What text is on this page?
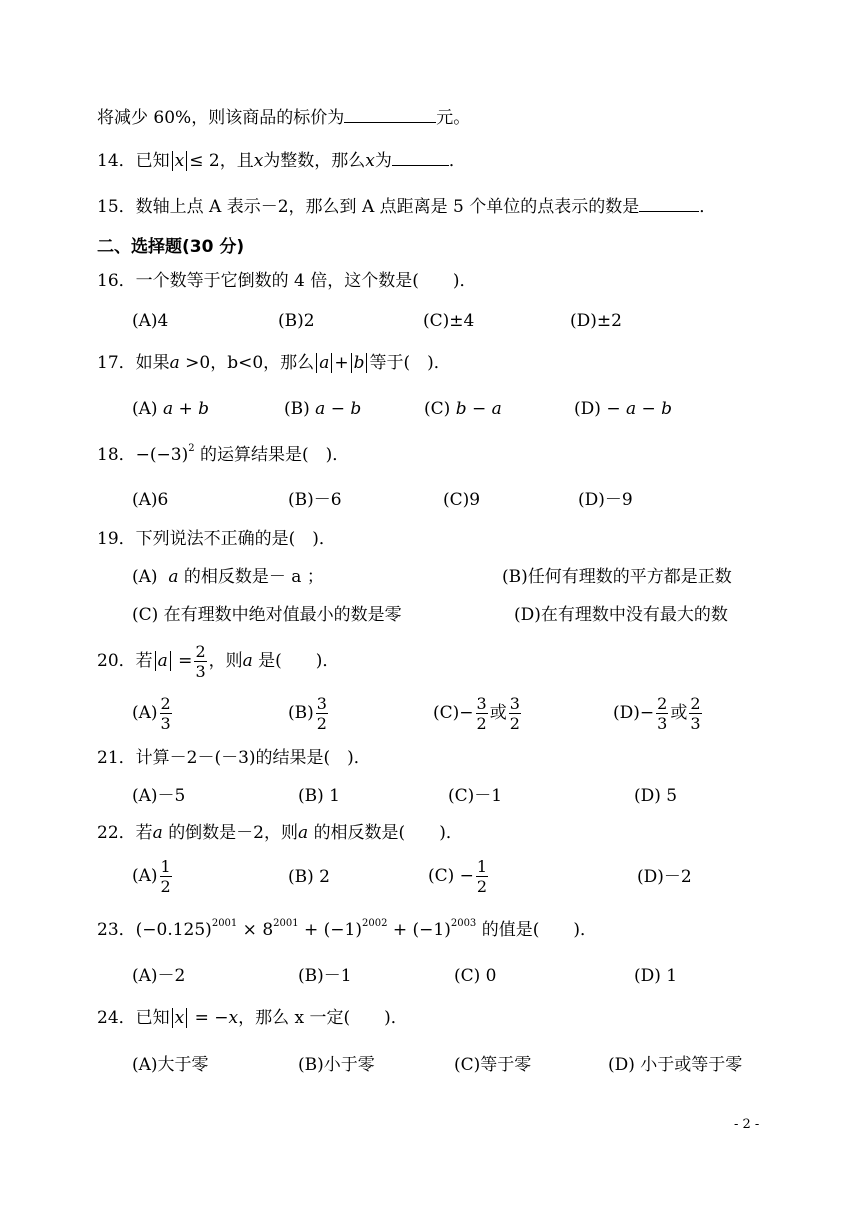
将减少 60%，则该商品的标价为	元。
14．已知 x ≤ 2，且x为整数，那么x为	．
15．数轴上点 A 表示－2，那么到 A 点距离是 5 个单位的点表示的数是	．
二、选择题(30 分)
16．一个数等于它倒数的 4 倍，这个数是(　　)．
(A)4	(B)2	(C)±4	(D)±2
17．如果a >0，b<0，那么 a + b 等于(　)．
(A) a + b	(B) a − b	(C) b − a	(D) − a − b
18．$-(-3)^2$ 的运算结果是(　)．
(A)6	(B)－6	(C)9	(D)－9
19．下列说法不正确的是(　)．
(A) a 的相反数是－ a ；	(B)任何有理数的平方都是正数
(C) 在有理数中绝对值最小的数是零	(D)在有理数中没有最大的数
20．若 $a = \frac{2}{3}$ ，则a 是(　　)．
$(A) \frac{2}{3}$	$(B) \frac{3}{2}$	$(C)- \frac{3}{2}$ 或 $\frac{3}{2}$	$(D)- \frac{2}{3}$ 或 $\frac{2}{3}$
21．计算－2－(－3)的结果是(　)．
(A)－5	(B) 1	(C)－1	(D) 5
22．若a 的倒数是－2，则a 的相反数是(　　)．
$(A) \frac{1}{2}$	(B) 2	$(C) - \frac{1}{2}$	(D)－2
23．$(-0.125)^{2001} \times 8^{2001} + (-1)^{2002} + (-1)^{2003}$ 的值是(　　)．
(A)－2	(B)－1	(C) 0	(D) 1
24．已知 x = −x，那么 x 一定(　　)．
(A)大于零	(B)小于零	(C)等于零	(D) 小于或等于零
- 2 -
